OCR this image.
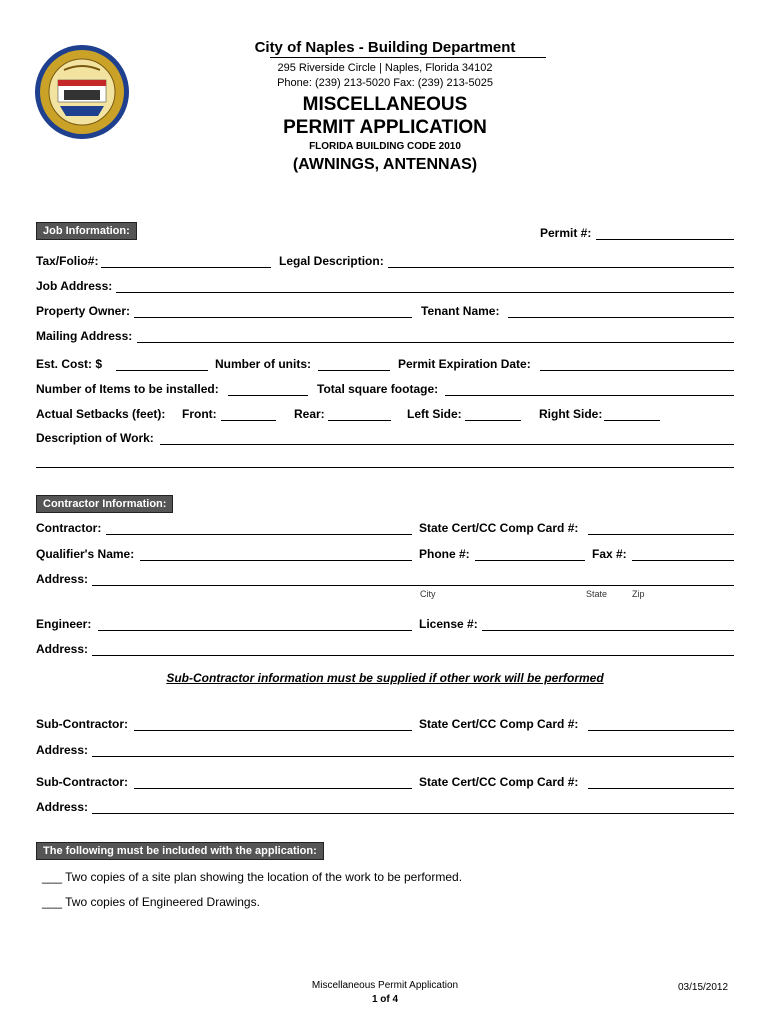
City of Naples - Building Department
295 Riverside Circle | Naples, Florida 34102
Phone: (239) 213-5020 Fax: (239) 213-5025
MISCELLANEOUS
PERMIT APPLICATION
FLORIDA BUILDING CODE 2010
(AWNINGS, ANTENNAS)
Job Information:	Permit #:
Tax/Folio#:	Legal Description:
Job Address:
Property Owner:	Tenant Name:
Mailing Address:
Est. Cost: $	Number of units:	Permit Expiration Date:
Number of Items to be installed:	Total square footage:
Actual Setbacks (feet): Front:	Rear:	Left Side:	Right Side:
Description of Work:
Contractor Information:
Contractor:	State Cert/CC Comp Card #:
Qualifier's Name:	Phone #:	Fax #:
Address:
City	State	Zip
Engineer:	License #:
Address:
Sub-Contractor information must be supplied if other work will be performed
Sub-Contractor:	State Cert/CC Comp Card #:
Address:
Sub-Contractor:	State Cert/CC Comp Card #:
Address:
The following must be included with the application:
___ Two copies of a site plan showing the location of the work to be performed.
___ Two copies of Engineered Drawings.
Miscellaneous Permit Application
1 of 4
03/15/2012
